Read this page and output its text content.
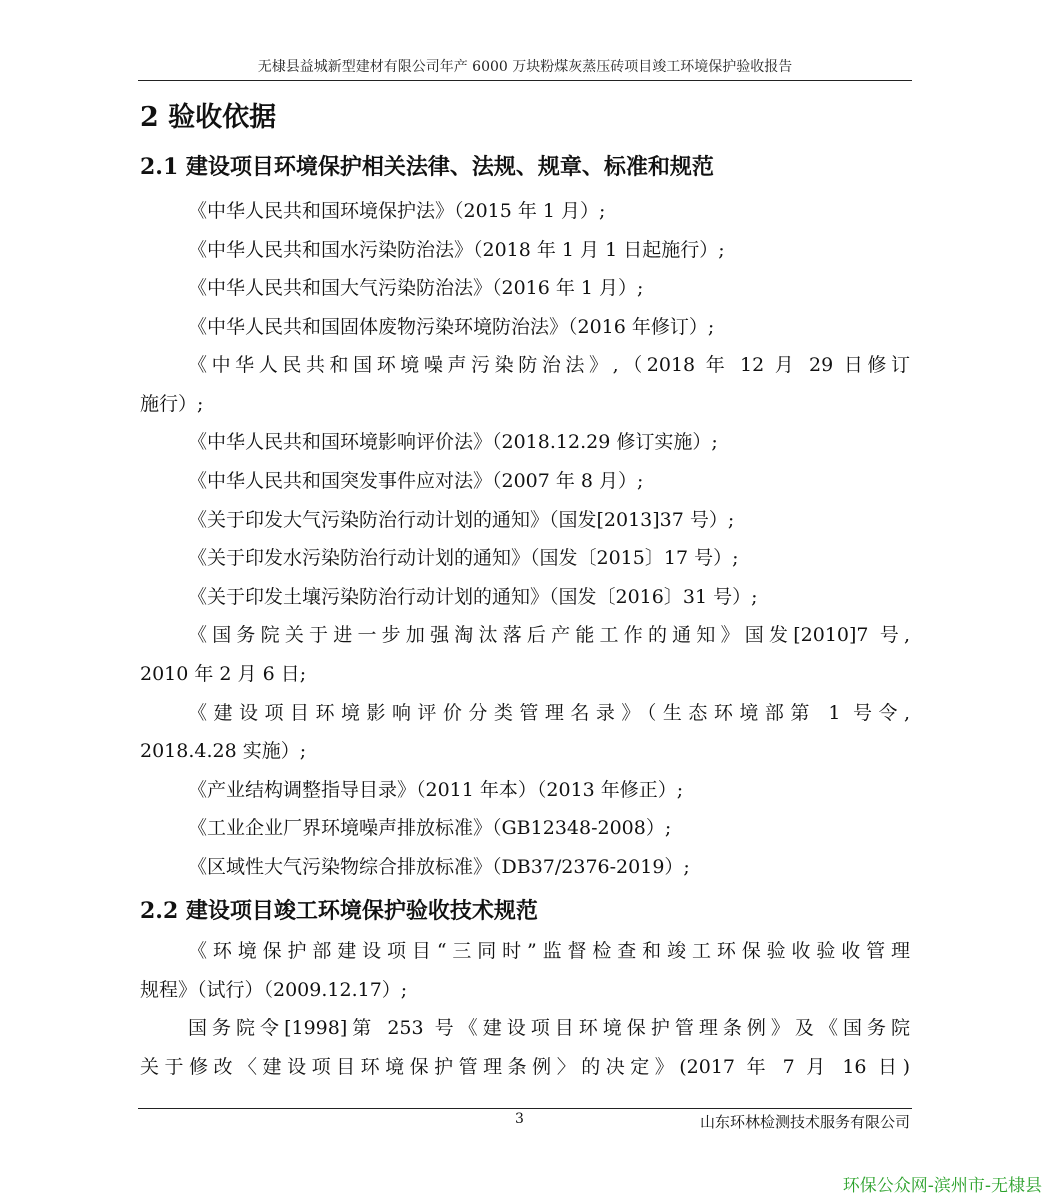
无棣县益城新型建材有限公司年产 6000 万块粉煤灰蒸压砖项目竣工环境保护验收报告
2 验收依据
2.1 建设项目环境保护相关法律、法规、规章、标准和规范

《中华人民共和国环境保护法》（2015 年 1 月）;

《中华人民共和国水污染防治法》（2018 年 1 月 1 日起施行）;

《中华人民共和国大气污染防治法》（2016 年 1 月）;

《中华人民共和国固体废物污染环境防治法》（2016 年修订）;

《中华人民共和国环境噪声污染防治法》,（2018 年 12 月 29 日修订

施行）;

《中华人民共和国环境影响评价法》（2018.12.29 修订实施）;

《中华人民共和国突发事件应对法》（2007 年 8 月）;

《关于印发大气污染防治行动计划的通知》（国发[2013]37 号）;

《关于印发水污染防治行动计划的通知》（国发〔2015〕17 号）;

《关于印发土壤污染防治行动计划的通知》（国发〔2016〕31 号）;

《国务院关于进一步加强淘汰落后产能工作的通知》国发[2010]7 号,

2010 年 2 月 6 日;

《建设项目环境影响评价分类管理名录》（生态环境部第 1 号令,

2018.4.28 实施）;

《产业结构调整指导目录》（2011 年本）（2013 年修正）;

《工业企业厂界环境噪声排放标准》（GB12348-2008）;

《区域性大气污染物综合排放标准》（DB37/2376-2019）;

2.2 建设项目竣工环境保护验收技术规范

《环境保护部建设项目“三同时”监督检查和竣工环保验收验收管理

规程》（试行）（2009.12.17）;

国务院令[1998]第 253 号《建设项目环境保护管理条例》及《国务院

关于修改〈建设项目环境保护管理条例〉的决定》(2017 年 7 月 16 日)

3	山东环林检测技术服务有限公司
环保公众网-滨州市-无棣县
